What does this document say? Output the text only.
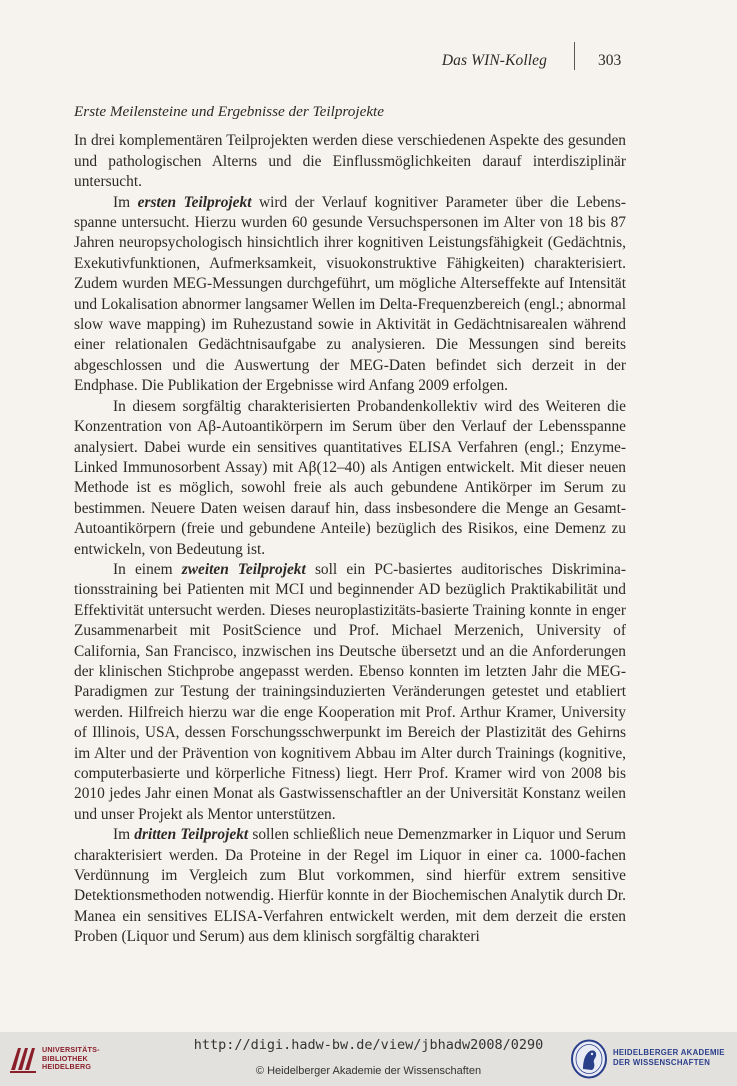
Das WIN-Kolleg	303
Erste Meilensteine und Ergebnisse der Teilprojekte

In drei komplementären Teilprojekten werden diese verschiedenen Aspekte des gesunden und pathologischen Alterns und die Einflussmöglichkeiten darauf interdisziplinär untersucht.

Im ersten Teilprojekt wird der Verlauf kognitiver Parameter über die Lebensspanne untersucht. Hierzu wurden 60 gesunde Versuchspersonen im Alter von 18 bis 87 Jahren neuropsychologisch hinsichtlich ihrer kognitiven Leistungsfähigkeit (Gedächtnis, Exekutivfunktionen, Aufmerksamkeit, visuokonstruktive Fähigkeiten) charakterisiert. Zudem wurden MEG-Messungen durchgeführt, um mögliche Alterseffekte auf Intensität und Lokalisation abnormer langsamer Wellen im Delta-Frequenzbereich (engl.; abnormal slow wave mapping) im Ruhezustand sowie in Aktivität in Gedächtnisarealen während einer relationalen Gedächtnisaufgabe zu analysieren. Die Messungen sind bereits abgeschlossen und die Auswertung der MEG-Daten befindet sich derzeit in der Endphase. Die Publikation der Ergebnisse wird Anfang 2009 erfolgen.

In diesem sorgfältig charakterisierten Probandenkollektiv wird des Weiteren die Konzentration von Aβ-Autoantikörpern im Serum über den Verlauf der Lebensspanne analysiert. Dabei wurde ein sensitives quantitatives ELISA Verfahren (engl.; Enzyme-Linked Immunosorbent Assay) mit Aβ(12–40) als Antigen entwickelt. Mit dieser neuen Methode ist es möglich, sowohl freie als auch gebundene Antikörper im Serum zu bestimmen. Neuere Daten weisen darauf hin, dass insbesondere die Menge an Gesamt-Autoantikörpern (freie und gebundene Anteile) bezüglich des Risikos, eine Demenz zu entwickeln, von Bedeutung ist.

In einem zweiten Teilprojekt soll ein PC-basiertes auditorisches Diskriminationsstraining bei Patienten mit MCI und beginnender AD bezüglich Praktikabilität und Effektivität untersucht werden. Dieses neuroplastizitäts-basierte Training konnte in enger Zusammenarbeit mit PositScience und Prof. Michael Merzenich, University of California, San Francisco, inzwischen ins Deutsche übersetzt und an die Anforderungen der klinischen Stichprobe angepasst werden. Ebenso konnten im letzten Jahr die MEG-Paradigmen zur Testung der trainingsinduzierten Veränderungen getestet und etabliert werden. Hilfreich hierzu war die enge Kooperation mit Prof. Arthur Kramer, University of Illinois, USA, dessen Forschungsschwerpunkt im Bereich der Plastizität des Gehirns im Alter und der Prävention von kognitivem Abbau im Alter durch Trainings (kognitive, computerbasierte und körperliche Fitness) liegt. Herr Prof. Kramer wird von 2008 bis 2010 jedes Jahr einen Monat als Gastwissenschaftler an der Universität Konstanz weilen und unser Projekt als Mentor unterstützen.

Im dritten Teilprojekt sollen schließlich neue Demenzmarker in Liquor und Serum charakterisiert werden. Da Proteine in der Regel im Liquor in einer ca. 1000-fachen Verdünnung im Vergleich zum Blut vorkommen, sind hierfür extrem sensitive Detektionsmethoden notwendig. Hierfür konnte in der Biochemischen Analytik durch Dr. Manea ein sensitives ELISA-Verfahren entwickelt werden, mit dem derzeit die ersten Proben (Liquor und Serum) aus dem klinisch sorgfältig charakteri

UNIVERSITÄTS-
BIBLIOTHEK
HEIDELBERG
http://digi.hadw-bw.de/view/jbhadw2008/0290
© Heidelberger Akademie der Wissenschaften
HEIDELBERGER AKADEMIE
DER WISSENSCHAFTEN
